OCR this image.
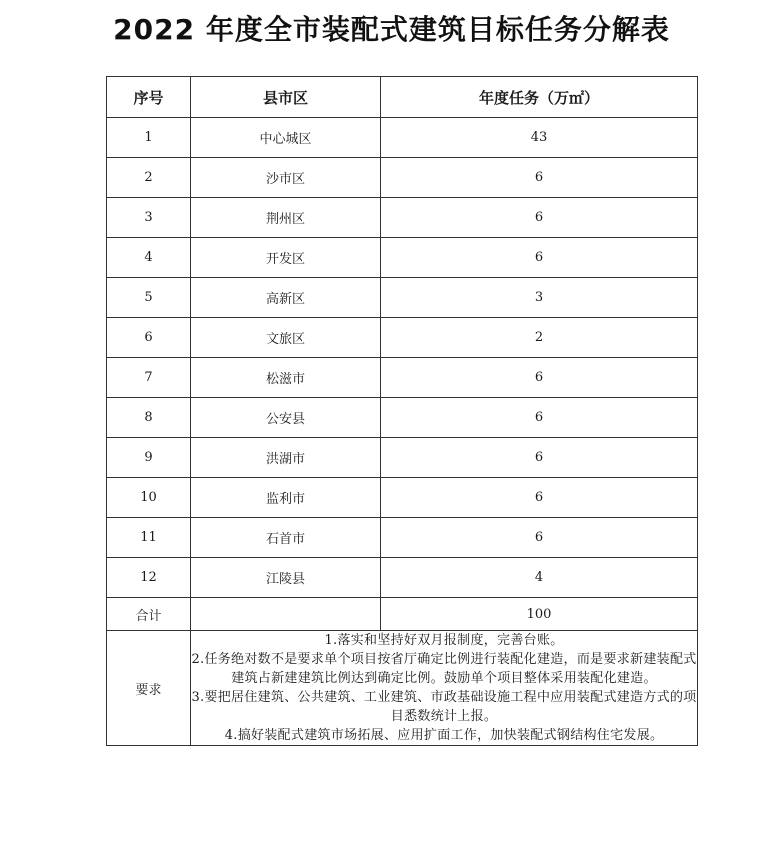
2022 年度全市装配式建筑目标任务分解表
序号	县市区	年度任务（万㎡）
1	中心城区	43
2	沙市区	6
3	荆州区	6
4	开发区	6
5	高新区	3
6	文旅区	2
7	松滋市	6
8	公安县	6
9	洪湖市	6
10	监利市	6
11	石首市	6
12	江陵县	4
合计		100
要求	1.落实和坚持好双月报制度，完善台账。

2.任务绝对数不是要求单个项目按省厅确定比例进行装配化建造，而是要求新建装配式建筑占新建建筑比例达到确定比例。鼓励单个项目整体采用装配化建造。

3.要把居住建筑、公共建筑、工业建筑、市政基础设施工程中应用装配式建造方式的项目悉数统计上报。

4.搞好装配式建筑市场拓展、应用扩面工作，加快装配式钢结构住宅发展。	
